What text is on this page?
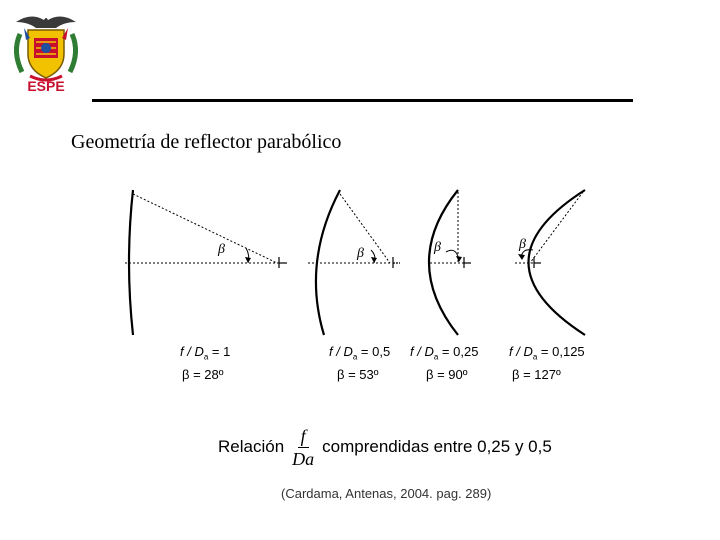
ESPE
Geometría de reflector parabólico
β	β	β	β
$f / D_a = 1$
β = 28º
$f / D_a = 0,5$
β = 53º
$f / D_a = 0,25$
β = 90º
$f / D_a = 0,125$
β = 127º
Relación $\frac{f}{Da}$ comprendidas entre 0,25 y 0,5
(Cardama, Antenas, 2004. pag. 289)
